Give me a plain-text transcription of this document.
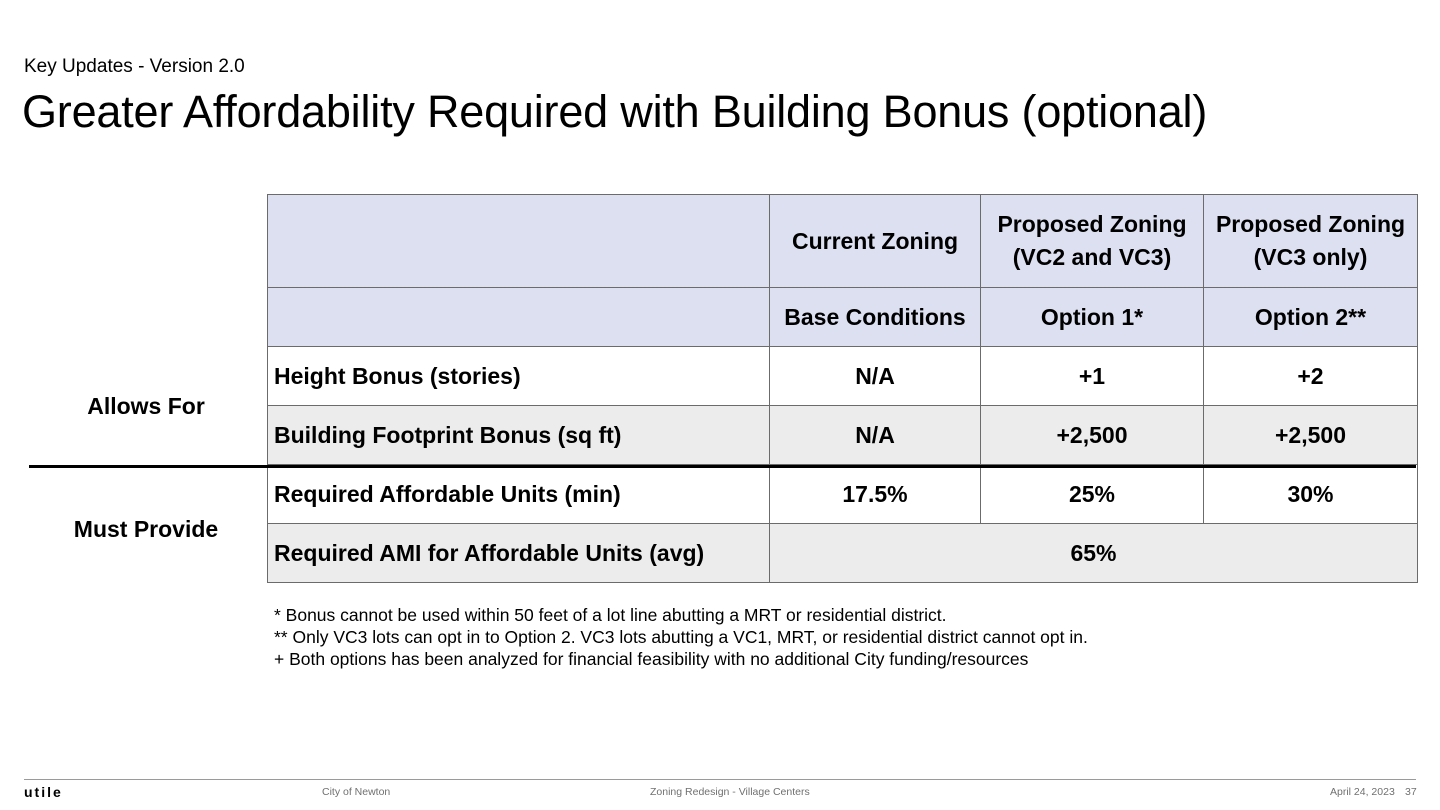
Key Updates - Version 2.0
Greater Affordability Required with Building Bonus (optional)
Allows For
Must Provide
	Current Zoning	Proposed Zoning (VC2 and VC3)	Proposed Zoning (VC3 only)
	Base Conditions	Option 1*	Option 2**
Height Bonus (stories)	N/A	+1	+2
Building Footprint Bonus (sq ft)	N/A	+2,500	+2,500
Required Affordable Units (min)	17.5%	25%	30%
Required AMI for Affordable Units (avg)	65%		
* Bonus cannot be used within 50 feet of a lot line abutting a MRT or residential district.
** Only VC3 lots can opt in to Option 2. VC3 lots abutting a VC1, MRT, or residential district cannot opt in.
+ Both options has been analyzed for financial feasibility with no additional City funding/resources
utile	City of Newton	Zoning Redesign - Village Centers	April 24, 2023 37
